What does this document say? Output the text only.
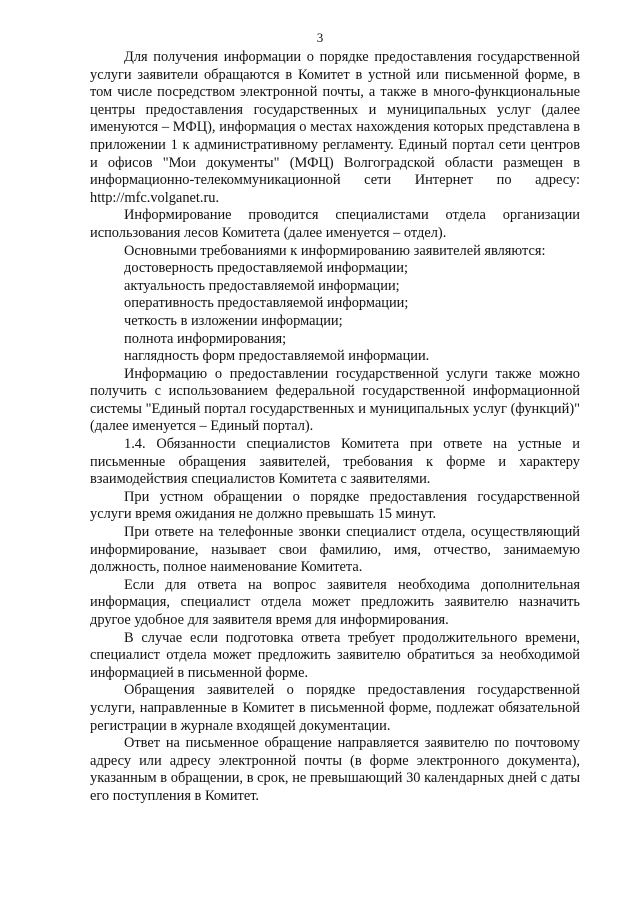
3

Для получения информации о порядке предоставления государственной услуги заявители обращаются в Комитет в устной или письменной форме, в том числе посредством электронной почты, а также в много-функциональные центры предоставления государственных и муниципальных услуг (далее именуются – МФЦ), информация о местах нахождения которых представлена в приложении 1 к административному регламенту. Единый портал сети центров и офисов "Мои документы" (МФЦ) Волгоградской области размещен в информационно-телекоммуникационной сети Интернет по адресу: http://mfc.volganet.ru.

Информирование проводится специалистами отдела организации использования лесов Комитета (далее именуется – отдел).

Основными требованиями к информированию заявителей являются:

достоверность предоставляемой информации;

актуальность предоставляемой информации;

оперативность предоставляемой информации;

четкость в изложении информации;

полнота информирования;

наглядность форм предоставляемой информации.

Информацию о предоставлении государственной услуги также можно получить с использованием федеральной государственной информационной системы "Единый портал государственных и муниципальных услуг (функций)" (далее именуется – Единый портал).

1.4. Обязанности специалистов Комитета при ответе на устные и письменные обращения заявителей, требования к форме и характеру взаимодействия специалистов Комитета с заявителями.

При устном обращении о порядке предоставления государственной услуги время ожидания не должно превышать 15 минут.

При ответе на телефонные звонки специалист отдела, осуществляющий информирование, называет свои фамилию, имя, отчество, занимаемую должность, полное наименование Комитета.

Если для ответа на вопрос заявителя необходима дополнительная информация, специалист отдела может предложить заявителю назначить другое удобное для заявителя время для информирования.

В случае если подготовка ответа требует продолжительного времени, специалист отдела может предложить заявителю обратиться за необходимой информацией в письменной форме.

Обращения заявителей о порядке предоставления государственной услуги, направленные в Комитет в письменной форме, подлежат обязательной регистрации в журнале входящей документации.

Ответ на письменное обращение направляется заявителю по почтовому адресу или адресу электронной почты (в форме электронного документа), указанным в обращении, в срок, не превышающий 30 календарных дней с даты его поступления в Комитет.
